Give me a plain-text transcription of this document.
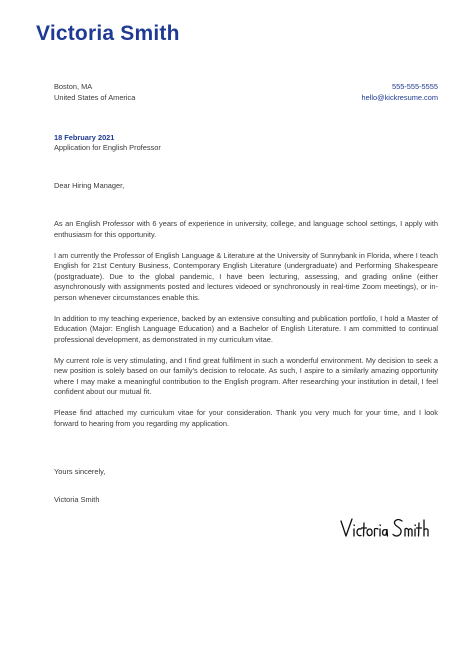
Victoria Smith
Boston, MA
United States of America
555-555-5555
hello@kickresume.com
18 February 2021
Application for English Professor
Dear Hiring Manager,

As an English Professor with 6 years of experience in university, college, and language school settings, I apply with enthusiasm for this opportunity.

I am currently the Professor of English Language & Literature at the University of Sunnybank in Florida, where I teach English for 21st Century Business, Contemporary English Literature (undergraduate) and Performing Shakespeare (postgraduate). Due to the global pandemic, I have been lecturing, assessing, and grading online (either asynchronously with assignments posted and lectures videoed or synchronously in real-time Zoom meetings), or in-person whenever circumstances enable this.

In addition to my teaching experience, backed by an extensive consulting and publication portfolio, I hold a Master of Education (Major: English Language Education) and a Bachelor of English Literature. I am committed to continual professional development, as demonstrated in my curriculum vitae.

My current role is very stimulating, and I find great fulfilment in such a wonderful environment. My decision to seek a new position is solely based on our family's decision to relocate. As such, I aspire to a similarly amazing opportunity where I may make a meaningful contribution to the English program. After researching your institution in detail, I feel confident about our mutual fit.

Please find attached my curriculum vitae for your consideration. Thank you very much for your time, and I look forward to hearing from you regarding my application.

Yours sincerely,
Victoria Smith
